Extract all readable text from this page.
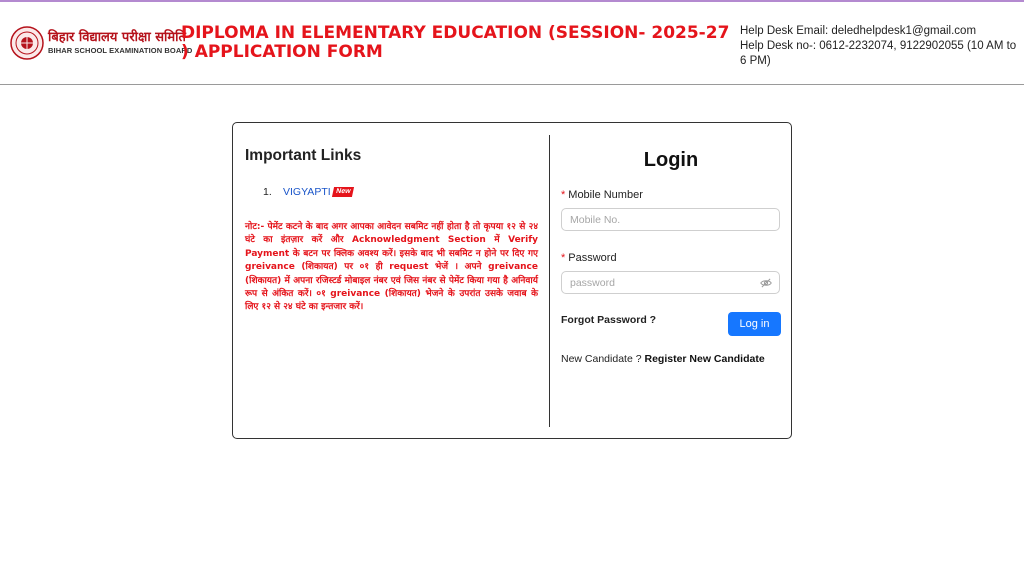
बिहार विद्यालय परीक्षा समिति
BIHAR SCHOOL EXAMINATION BOARD
DIPLOMA IN ELEMENTARY EDUCATION (SESSION- 2025-27 ) APPLICATION FORM
Help Desk Email: deledhelpdesk1@gmail.com
Help Desk no-: 0612-2232074, 9122902055 (10 AM to 6 PM)
Important Links
1.	VIGYAPTI New

नोट:- पेमेंट कटने के बाद अगर आपका आवेदन सबमिट नहीं होता है तो कृपया १२ से २४ घंटे का इंतज़ार करें और Acknowledgment Section में Verify Payment के बटन पर क्लिक अवश्य करें। इसके बाद भी सबमिट न होने पर दिए गए greivance (शिकायत) पर ०१ ही request भेजें । अपने greivance (शिकायत) में अपना रजिस्टर्ड मोबाइल नंबर एवं जिस नंबर से पेमेंट किया गया है अनिवार्य रूप से अंकित करें। ०१ greivance (शिकायत) भेजने के उपरांत उसके जवाब के लिए १२ से २४ घंटे का इन्तजार करें।

Login
* Mobile Number
Mobile No.
* Password
Forgot Password ?	Log in
New Candidate ? Register New Candidate
